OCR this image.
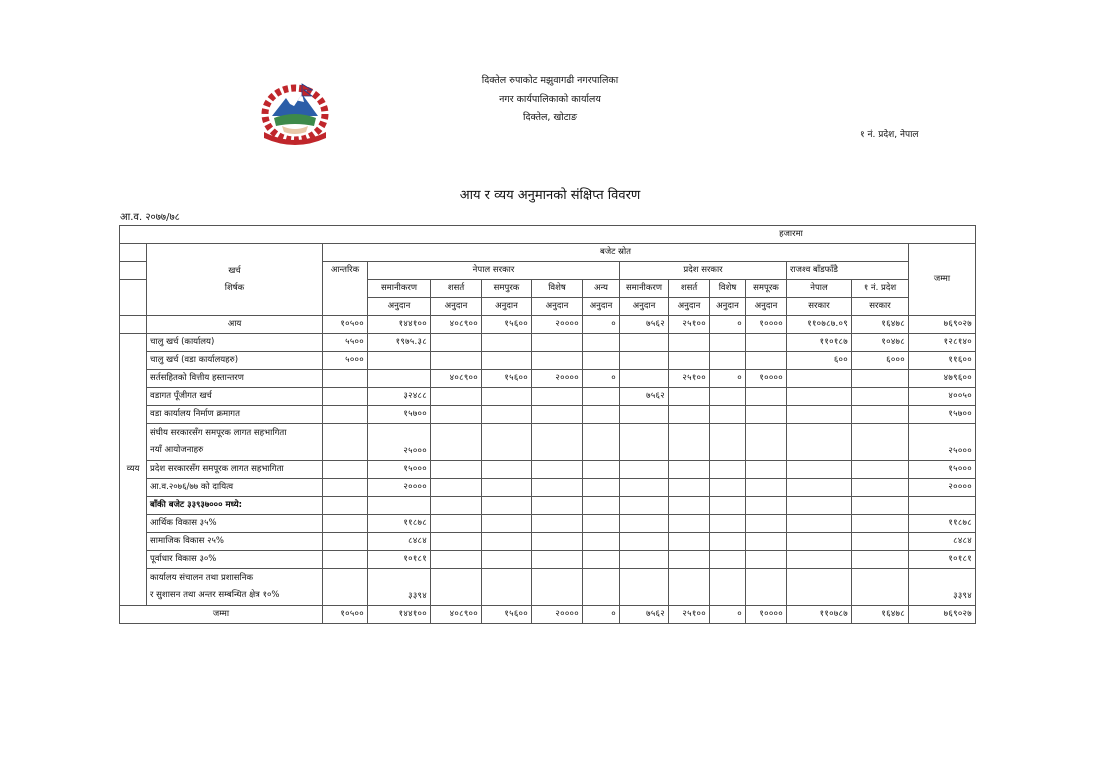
दिक्तेल रुपाकोट मझुवागढी नगरपालिका
नगर कार्यपालिकाको कार्यालय
दिक्तेल, खोटाङ
१ नं. प्रदेश, नेपाल
आय र व्यय अनुमानको संक्षिप्त विवरण
आ.व. २०७७/७८
हजारमा														

	खर्च
शिर्षक	बजेट स्रोत												जम्मा
		आन्तरिक	नेपाल सरकार					प्रदेश सरकार				राजश्व बाँडफाँडै		
			समानीकरण	शसर्त	समपुरक	विशेष	अन्य	समानीकरण	शसर्त	विशेष	समपूरक	नेपाल	१ नं. प्रदेश	
			अनुदान	अनुदान	अनुदान	अनुदान	अनुदान	अनुदान	अनुदान	अनुदान	अनुदान	सरकार	सरकार	
	आय	१०५००	१४४१००	४०८९००	१५६००	२००००	०	७५६२	२५१००	०	१००००	११०७८७.०९	१६४७८	७६९०२७
व्यय	चालु खर्च (कार्यालय)	५५००	१९७५.३८									११०१८७	१०४७८	१२८१४०
	चालु खर्च (वडा कार्यालयहरु)	५०००										६००	६०००	११६००
	सर्तसहितको वित्तीय हस्तान्तरण			४०८९००	१५६००	२००००	०		२५१००	०	१००००			४७९६००
	वडागत पूँजीगत खर्च		३२४८८					७५६२						४००५०
	वडा कार्यालय निर्माण क्रमागत		१५७००											१५७००

	संघीय सरकारसँग समपूरक लागत सहभागिता
नयाँ आयोजनाहरु		२५०००											२५०००
	प्रदेश सरकारसँग समपूरक लागत सहभागिता		१५०००											१५०००
	आ.व.२०७६/७७ को दायित्व		२००००											२००००
	बाँकी बजेट ३३९३७००० मध्ये:													
	आर्थिक विकास ३५%		११८७८											११८७८
	सामाजिक विकास २५%		८४८४											८४८४
	पूर्वाधार विकास ३०%		१०१८१											१०१८१

	कार्यालय संचालन तथा प्रशासनिक
र सुशासन तथा अन्तर सम्बन्धित क्षेत्र १०%		३३९४											३३९४
जम्मा		१०५००	१४४१००	४०८९००	१५६००	२००००	०	७५६२	२५१००	०	१००००	११०७८७	१६४७८	७६९०२७
